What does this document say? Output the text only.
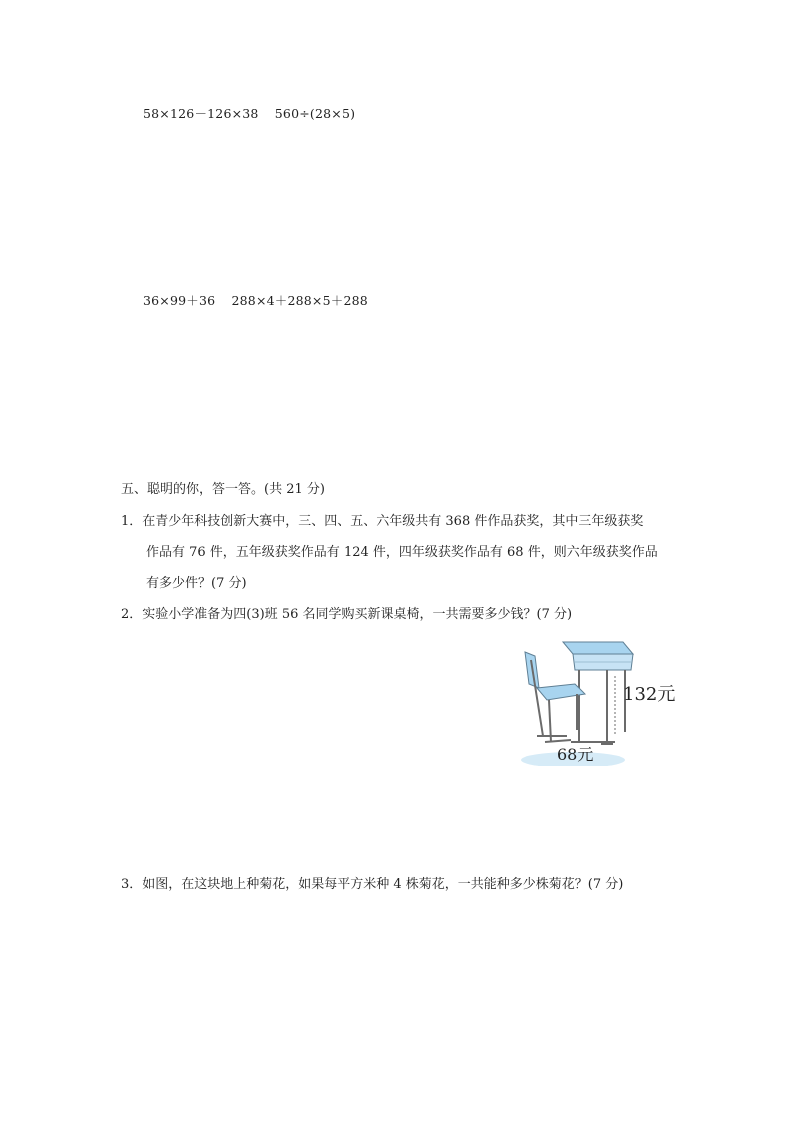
58×126－126×38 560÷(28×5)
36×99＋36 288×4＋288×5＋288
五、聪明的你，答一答。(共 21 分)
1．在青少年科技创新大赛中，三、四、五、六年级共有 368 件作品获奖，其中三年级获奖
作品有 76 件，五年级获奖作品有 124 件，四年级获奖作品有 68 件，则六年级获奖作品
有多少件？(7 分)
2．实验小学准备为四(3)班 56 名同学购买新课桌椅，一共需要多少钱？(7 分)
132元
68元
3．如图，在这块地上种菊花，如果每平方米种 4 株菊花，一共能种多少株菊花？(7 分)
